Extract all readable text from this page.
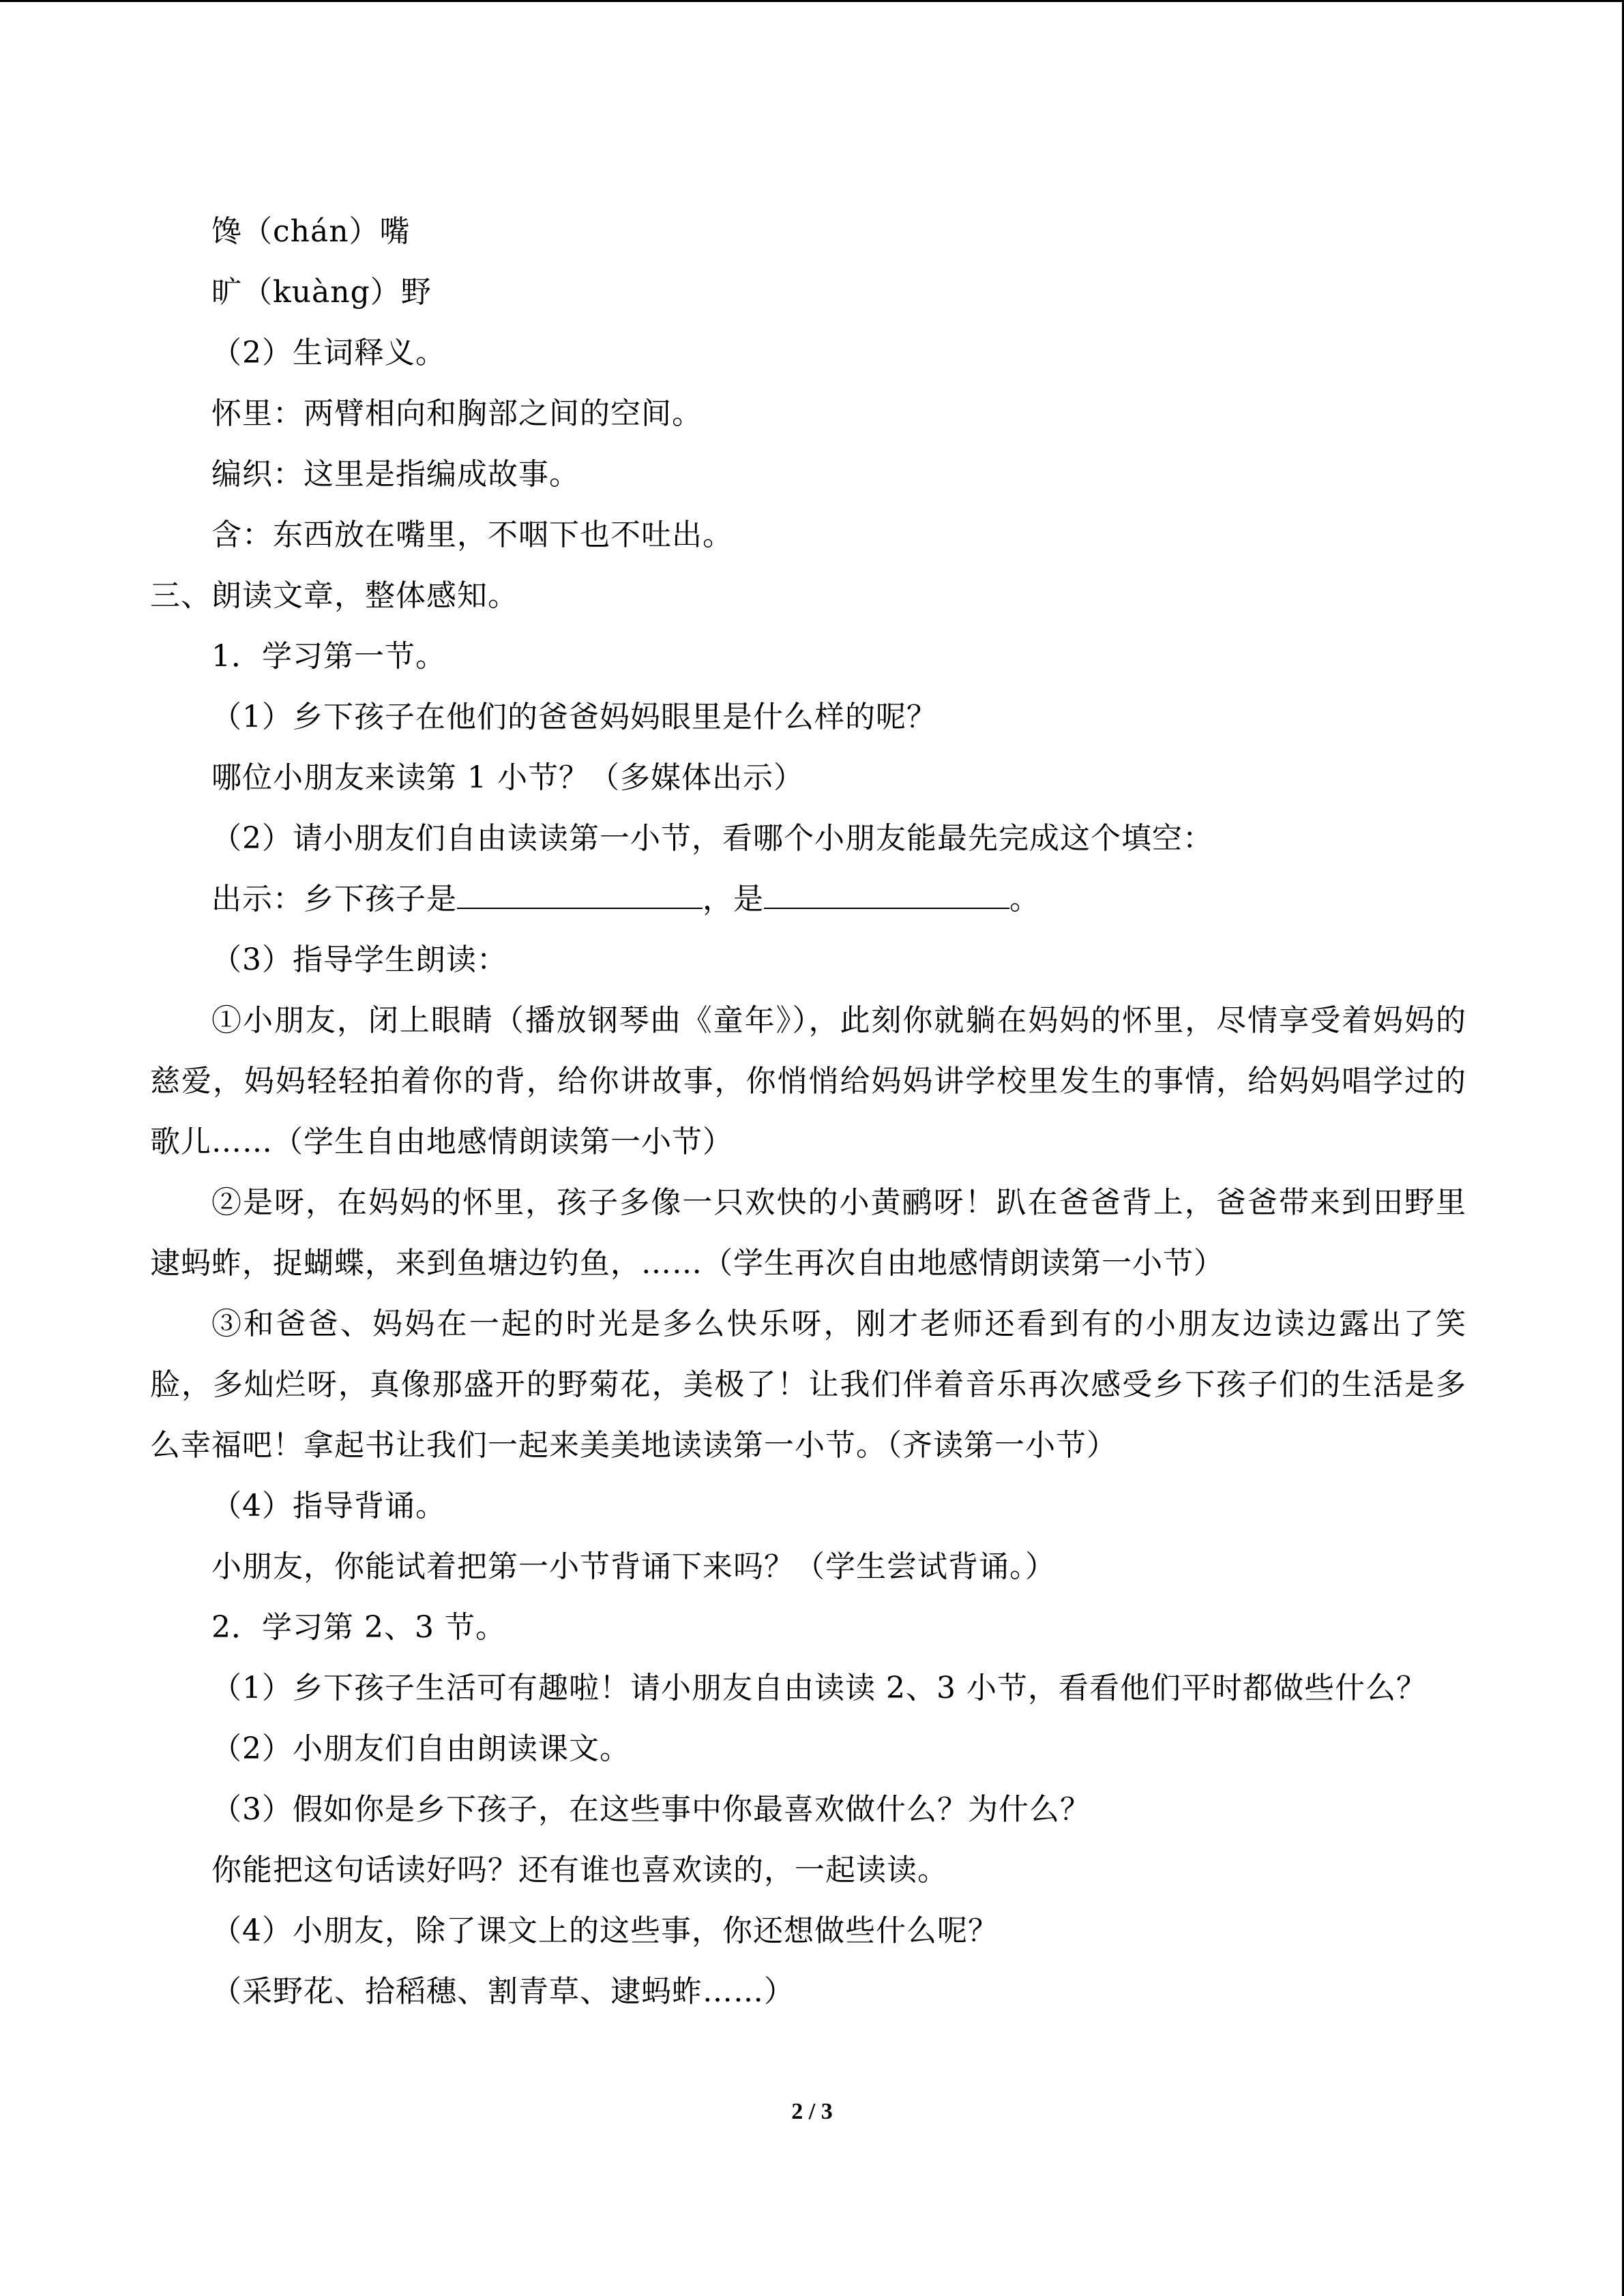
馋（chán）嘴
旷（kuàng）野
（2）生词释义。
怀里：两臂相向和胸部之间的空间。
编织：这里是指编成故事。
含：东西放在嘴里，不咽下也不吐出。
三、朗读文章，整体感知。
1．学习第一节。
（1）乡下孩子在他们的爸爸妈妈眼里是什么样的呢？
哪位小朋友来读第 1 小节？（多媒体出示）
（2）请小朋友们自由读读第一小节，看哪个小朋友能最先完成这个填空：
出示：乡下孩子是	，是	。
（3）指导学生朗读：
①小朋友，闭上眼睛（播放钢琴曲《童年》），此刻你就躺在妈妈的怀里，尽情享受着妈妈的慈爱，妈妈轻轻拍着你的背，给你讲故事，你悄悄给妈妈讲学校里发生的事情，给妈妈唱学过的歌儿……（学生自由地感情朗读第一小节）
②是呀，在妈妈的怀里，孩子多像一只欢快的小黄鹂呀！趴在爸爸背上，爸爸带来到田野里逮蚂蚱，捉蝴蝶，来到鱼塘边钓鱼，……（学生再次自由地感情朗读第一小节）
③和爸爸、妈妈在一起的时光是多么快乐呀，刚才老师还看到有的小朋友边读边露出了笑脸，多灿烂呀，真像那盛开的野菊花，美极了！让我们伴着音乐再次感受乡下孩子们的生活是多么幸福吧！拿起书让我们一起来美美地读读第一小节。（齐读第一小节）
（4）指导背诵。
小朋友，你能试着把第一小节背诵下来吗？（学生尝试背诵。）
2．学习第 2、3 节。
（1）乡下孩子生活可有趣啦！请小朋友自由读读 2、3 小节，看看他们平时都做些什么？
（2）小朋友们自由朗读课文。
（3）假如你是乡下孩子，在这些事中你最喜欢做什么？为什么？
你能把这句话读好吗？还有谁也喜欢读的，一起读读。
（4）小朋友，除了课文上的这些事，你还想做些什么呢？
（采野花、拾稻穗、割青草、逮蚂蚱……）
2 / 3
